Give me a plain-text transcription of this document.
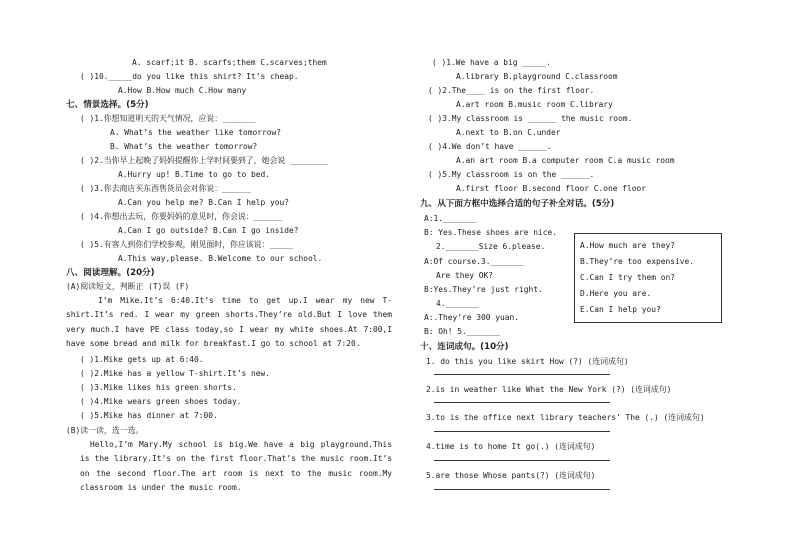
A. scarf;it B. scarfs;them C.scarves;them
( )10._____do you like this shirt? It’s cheap.
A.How B.How much C.How many
七、情景选择。(5分)
( )1.你想知道明天的天气情况，应说：_______
A. What’s the weather like tomorrow?
B. What’s the weather tomorrow?
( )2.当你早上起晚了妈妈提醒你上学时间要到了，她会说 ________
A.Hurry up! B.Time to go to bed.
( )3.你去商店买东西售货员会对你说：______
A.Can you help me? B.Can I help you?
( )4.你想出去玩，你要妈妈的意见时，你会说：______
A.Can I go outside? B.Can I go inside?
( )5.有客人到你们学校参观，刚见面时，你应该说：_____
A.This way,please. B.Welcome to our school.
八、阅读理解。(20分)
(A)阅读短文，判断正 (T)误 (F)
I’m Mike.It’s 6:40.It’s time to get up.I wear my new T-shirt.It’s red. I wear my green shorts.They’re old.But I love them very much.I have PE class today,so I wear my white shoes.At 7:00,I have some bread and milk for breakfast.I go to school at 7:20.
( )1.Mike gets up at 6:40.
( )2.Mike has a yellow T-shirt.It’s new.
( )3.Mike likes his green shorts.
( )4.Mike wears green shoes today.
( )5.Mike has dinner at 7:00.
(B)读一读，选一选。
Hello,I’m Mary.My school is big.We have a big playground.This is the library.It’s on the first floor.That’s the music room.It’s on the second floor.The art room is next to the music room.My classroom is under the music room.
( )1.We have a big _____.
A.library B.playground C.classroom
( )2.The____ is on the first floor.
A.art room B.music room C.library
( )3.My classroom is ______ the music room.
A.next to B.on C.under
( )4.We don’t have ______.
A.an art room B.a computer room C.a music room
( )5.My classroom is on the ______.
A.first floor B.second floor C.one floor
九、从下面方框中选择合适的句子补全对话。(5分)
A:1._______
B: Yes.These shoes are nice.
2._______Size 6.please.
A:Of course.3._______
Are they OK?
B:Yes.They’re just right.
4._______
A:.They’re 300 yuan.
B: Oh! 5._______
十、连词成句。(10分)
1. do this you like skirt How (?) (连词成句)
2.is in weather like What the New York (?) (连词成句)
3.to is the office next library teachers’ The (.) (连词成句)
4.time is to home It go(.) (连词成句)
5.are those Whose pants(?) (连词成句)
A.How much are they?
B.They’re too expensive.
C.Can I try them on?
D.Here you are.
E.Can I help you?
